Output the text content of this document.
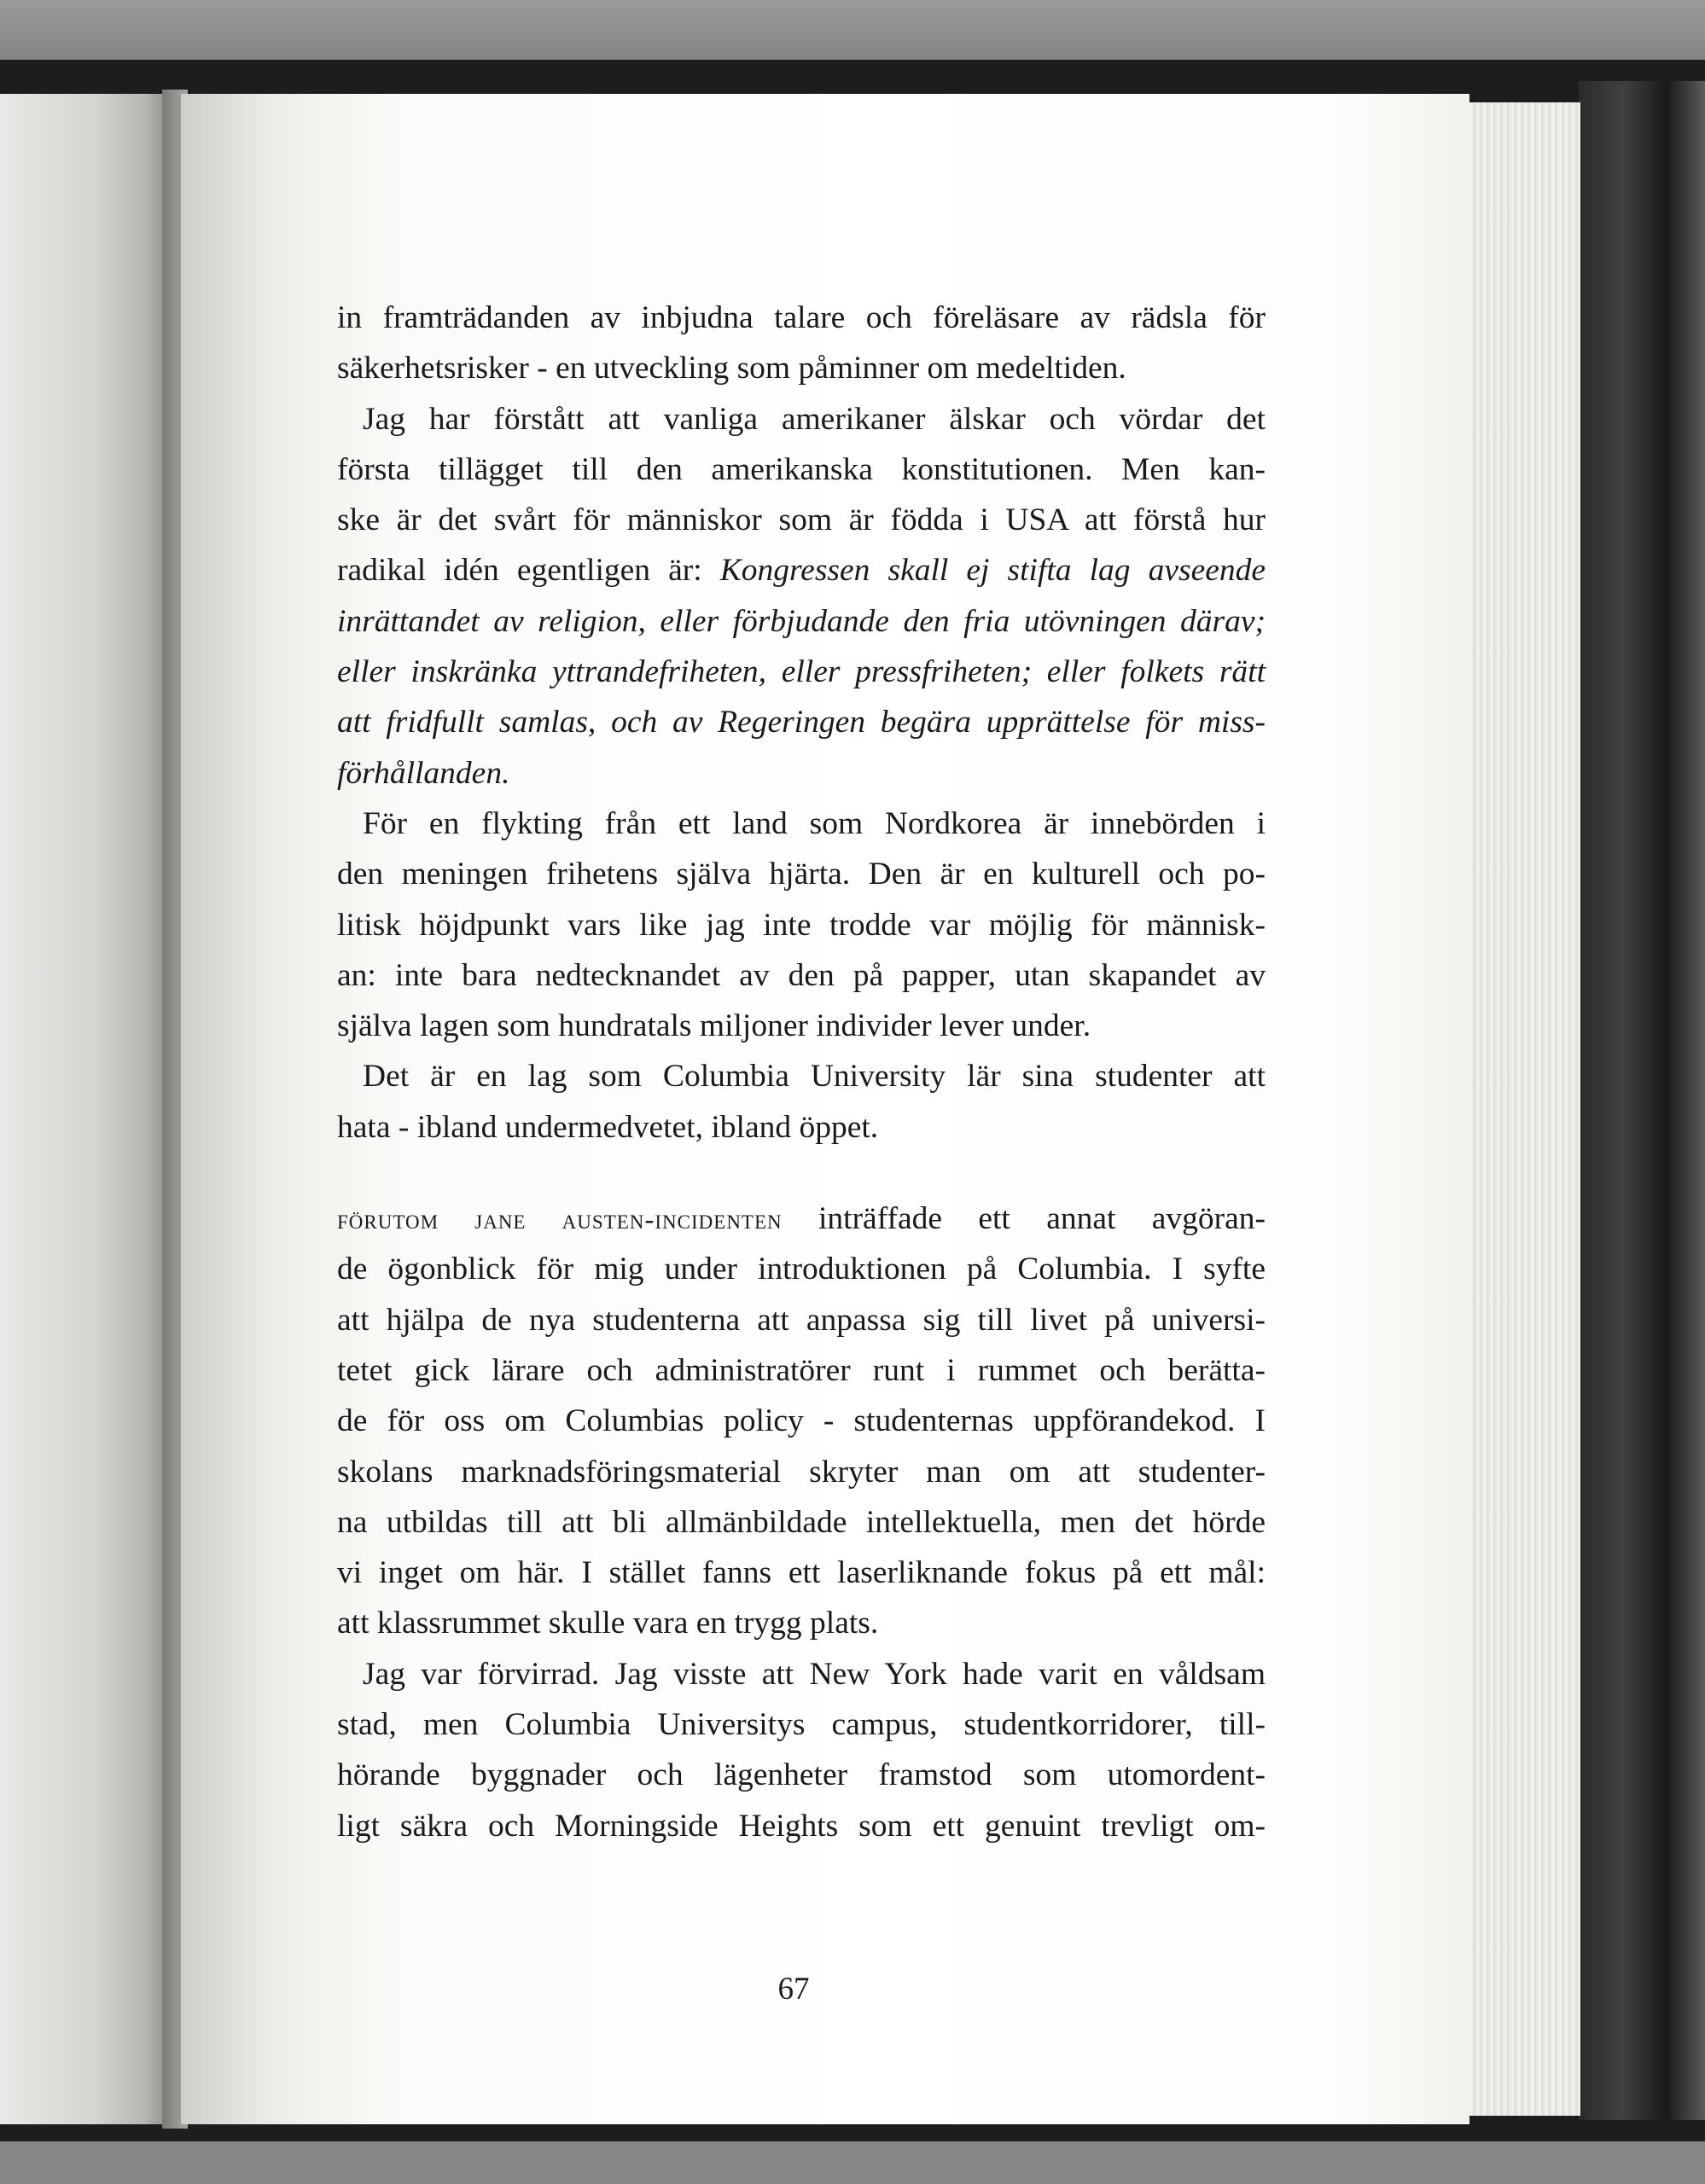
in framträdanden av inbjudna talare och föreläsare av rädsla för
säkerhetsrisker - en utveckling som påminner om medeltiden.
Jag har förstått att vanliga amerikaner älskar och vördar det
första tillägget till den amerikanska konstitutionen. Men kan-
ske är det svårt för människor som är födda i USA att förstå hur
radikal idén egentligen är: Kongressen skall ej stifta lag avseende
inrättandet av religion, eller förbjudande den fria utövningen därav;
eller inskränka yttrandefriheten, eller pressfriheten; eller folkets rätt
att fridfullt samlas, och av Regeringen begära upprättelse för miss-
förhållanden.
För en flykting från ett land som Nordkorea är innebörden i
den meningen frihetens själva hjärta. Den är en kulturell och po-
litisk höjdpunkt vars like jag inte trodde var möjlig för människ-
an: inte bara nedtecknandet av den på papper, utan skapandet av
själva lagen som hundratals miljoner individer lever under.
Det är en lag som Columbia University lär sina studenter att
hata - ibland undermedvetet, ibland öppet.
förutom jane austen-incidenten inträffade ett annat avgöran-
de ögonblick för mig under introduktionen på Columbia. I syfte
att hjälpa de nya studenterna att anpassa sig till livet på universi-
tetet gick lärare och administratörer runt i rummet och berätta-
de för oss om Columbias policy - studenternas uppförandekod. I
skolans marknadsföringsmaterial skryter man om att studenter-
na utbildas till att bli allmänbildade intellektuella, men det hörde
vi inget om här. I stället fanns ett laserliknande fokus på ett mål:
att klassrummet skulle vara en trygg plats.
Jag var förvirrad. Jag visste att New York hade varit en våldsam
stad, men Columbia Universitys campus, studentkorridorer, till-
hörande byggnader och lägenheter framstod som utomordent-
ligt säkra och Morningside Heights som ett genuint trevligt om-
67
